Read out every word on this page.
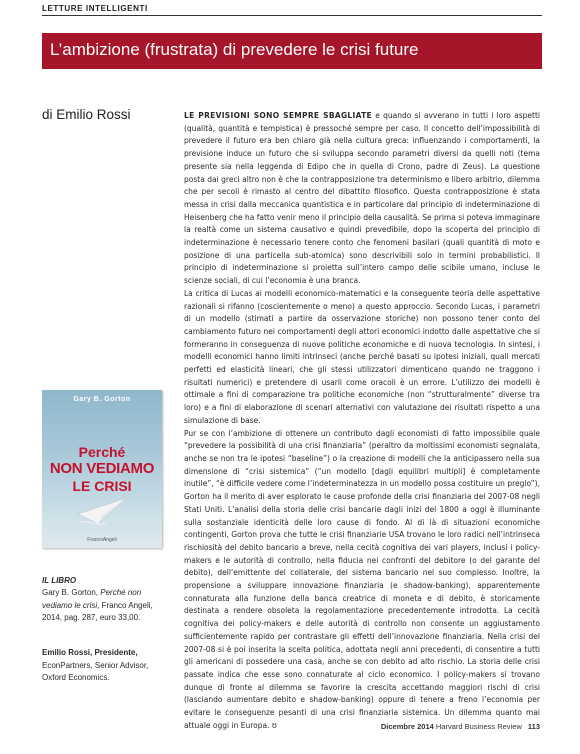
LETTURE INTELLIGENTI
L’ambizione (frustrata) di prevedere le crisi future
di Emilio Rossi	LE PREVISIONI SONO SEMPRE SBAGLIATE e quando si avverano in tutti i loro aspetti (qualità, quantità e tempistica) è pressoché sempre per caso. Il concetto dell’impossibilità di prevedere il futuro era ben chiaro già nella cultura greca: influenzando i comportamenti, la previsione induce un futuro che si sviluppa secondo parametri diversi da quelli noti (tema presente sia nella leggenda di Edipo che in quella di Crono, padre di Zeus). La questione posta dai greci altro non è che la contrapposizione tra determinismo e libero arbitrio, dilemma che per secoli è rimasto al centro del dibattito filosofico. Questa contrapposizione è stata messa in crisi dalla meccanica quantistica e in particolare dal principio di indeterminazione di Heisenberg che ha fatto venir meno il principio della causalità. Se prima si poteva immaginare la realtà come un sistema causativo e quindi prevedibile, dopo la scoperta del principio di indeterminazione è necessario tenere conto che fenomeni basilari (quali quantità di moto e posizione di una particella sub-atomica) sono descrivibili solo in termini probabilistici. Il principio di indeterminazione si proietta sull’intero campo delle scibile umano, incluse le scienze sociali, di cui l’economia è una branca.

La critica di Lucas ai modelli economico-matematici e la conseguente teoria delle aspettative razionali si rifanno (coscientemente o meno) a questo approccio. Secondo Lucas, i parametri di un modello (stimati a partire da osservazione storiche) non possono tener conto del cambiamento futuro nei comportamenti degli attori economici indotto dalle aspettative che si formeranno in conseguenza di nuove politiche economiche e di nuova tecnologia. In sintesi, i modelli economici hanno limiti intrinseci (anche perché basati su ipotesi iniziali, quali mercati perfetti ed elasticità lineari, che gli stessi utilizzatori dimenticano quando ne traggono i risultati numerici) e pretendere di usarli come oracoli è un errore. L’utilizzo dei modelli è ottimale a fini di comparazione tra politiche economiche (non “strutturalmente” diverse tra loro) e a fini di elaborazione di scenari alternativi con valutazione dei risultati rispetto a una simulazione di base.

Pur se con l’ambizione di ottenere un contributo dagli economisti di fatto impossibile quale “prevedere la possibilità di una crisi finanziaria” (peraltro da moltissimi economisti segnalata, anche se non tra le ipotesi “baseline”) o la creazione di modelli che la anticipassero nella sua dimensione di “crisi sistemica” (“un modello [dagli equilibri multipli] è completamente inutile”, “è difficile vedere come l’indeterminatezza in un modello possa costituire un pregio”), Gorton ha il merito di aver esplorato le cause profonde della crisi finanziaria del 2007-08 negli Stati Uniti. L’analisi della storia delle crisi bancarie dagli inizi del 1800 a oggi è illuminante sulla sostanziale identicità delle loro cause di fondo. Al di là di situazioni economiche contingenti, Gorton prova che tutte le crisi finanziarie USA trovano le loro radici nell’intrinseca rischiosità del debito bancario a breve, nella cecità cognitiva dei vari players, inclusi i policy-makers e le autorità di controllo, nella fiducia nei confronti del debitore (o del garante del debito), dell’emittente del collaterale, del sistema bancario nel suo complesso. Inoltre, la propensione a sviluppare innovazione finanziaria (e shadow-banking), apparentemente connaturata alla funzione della banca creatrice di moneta e di debito, è storicamente destinata a rendere obsoleta la regolamentazione precedentemente introdotta. La cecità cognitiva dei policy-makers e delle autorità di controllo non consente un aggiustamento sufficientemente rapido per contrastare gli effetti dell’innovazione finanziaria. Nella crisi del 2007-08 si è poi inserita la scelta politica, adottata negli anni precedenti, di consentire a tutti gli americani di possedere una casa, anche se con debito ad alto rischio. La storia delle crisi passate indica che esse sono connaturate al ciclo economico. I policy-makers si trovano dunque di fronte al dilemma se favorire la crescita accettando maggiori rischi di crisi (lasciando aumentare debito e shadow-banking) oppure di tenere a freno l’economia per evitare le conseguenze pesanti di una crisi finanziaria sistemica. Un dilemma quanto mai attuale oggi in Europa. ʊ

Gary B. Gorton
Perché
NON VEDIAMO
LE CRISI
FrancoAngeli
IL LIBRO
Gary B. Gorton, Perché non vediamo le crisi, Franco Angeli, 2014, pag. 287, euro 33,00.
Emilio Rossi, Presidente,
EconPartners, Senior Advisor,
Oxford Economics.
Dicembre 2014 Harvard Business Review 113
